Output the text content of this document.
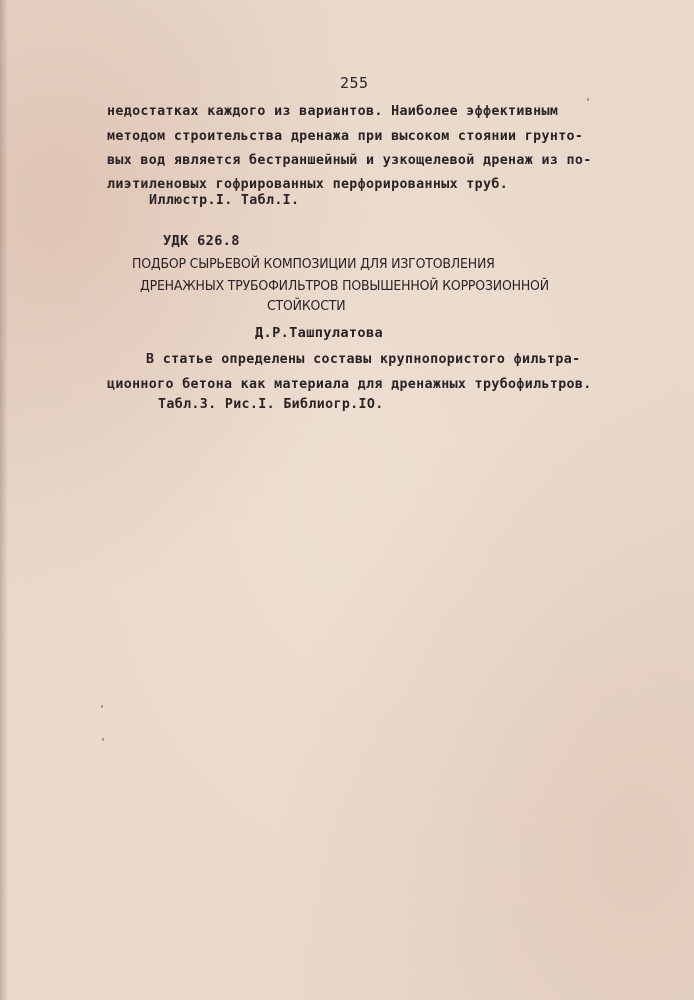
255
недостатках каждого из вариантов. Наиболее эффективным
методом строительства дренажа при высоком стоянии грунто-
вых вод является бестраншейный и узкощелевой дренаж из по-
лиэтиленовых гофрированных перфорированных труб.
Иллюстр.I. Табл.I.
УДК 626.8
ПОДБОР СЫРЬЕВОЙ КОМПОЗИЦИИ ДЛЯ ИЗГОТОВЛЕНИЯ
ДРЕНАЖНЫХ ТРУБОФИЛЬТРОВ ПОВЫШЕННОЙ КОРРОЗИОННОЙ
СТОЙКОСТИ
Д.Р.Ташпулатова
В статье определены составы крупнопористого фильтра-
ционного бетона как материала для дренажных трубофильтров.
Табл.3. Рис.I. Библиогр.IO.
